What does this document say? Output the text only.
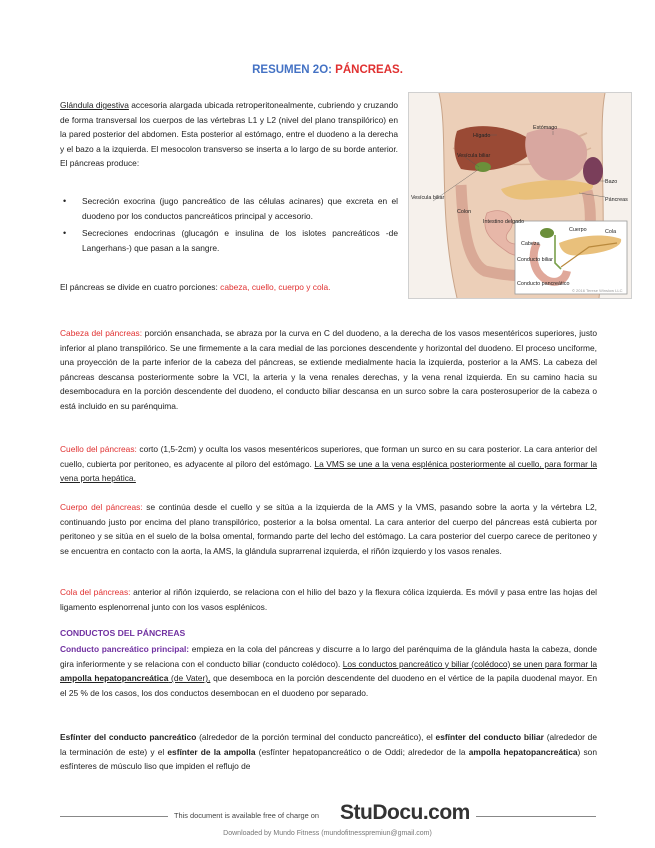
RESUMEN 2O: PÁNCREAS.

Glándula digestiva accesoria alargada ubicada retroperitonealmente, cubriendo y cruzando de forma transversal los cuerpos de las vértebras L1 y L2 (nivel del plano transpilórico) en la pared posterior del abdomen. Esta posterior al estómago, entre el duodeno a la derecha y el bazo a la izquierda. El mesocolon transverso se inserta a lo largo de su borde anterior. El páncreas produce:

• Secreción exocrina (jugo pancreático de las células acinares) que excreta en el duodeno por los conductos pancreáticos principal y accesorio.
• Secreciones endocrinas (glucagón e insulina de los islotes pancreáticos -de Langerhans-) que pasan a la sangre.

El páncreas se divide en cuatro porciones: cabeza, cuello, cuerpo y cola.

Estómago
Hígado
Vesícula biliar
Vesícula biliar
Colon
Intestino delgado
Bazo
Páncreas
Cuerpo	Cola
Cabeza
Conducto biliar
Conducto pancreático

© 2016 Terese Winslow LLC

Cabeza del páncreas: porción ensanchada, se abraza por la curva en C del duodeno, a la derecha de los vasos mesentéricos superiores, justo inferior al plano transpilórico. Se une firmemente a la cara medial de las porciones descendente y horizontal del duodeno. El proceso unciforme, una proyección de la parte inferior de la cabeza del páncreas, se extiende medialmente hacia la izquierda, posterior a la AMS. La cabeza del páncreas descansa posteriormente sobre la VCI, la arteria y la vena renales derechas, y la vena renal izquierda. En su camino hacia su desembocadura en la porción descendente del duodeno, el conducto biliar descansa en un surco sobre la cara posterosuperior de la cabeza o está incluido en su parénquima.

Cuello del páncreas: corto (1,5-2cm) y oculta los vasos mesentéricos superiores, que forman un surco en su cara posterior. La cara anterior del cuello, cubierta por peritoneo, es adyacente al píloro del estómago. La VMS se une a la vena esplénica posteriormente al cuello, para formar la vena porta hepática.

Cuerpo del páncreas: se continúa desde el cuello y se sitúa a la izquierda de la AMS y la VMS, pasando sobre la aorta y la vértebra L2, continuando justo por encima del plano transpilórico, posterior a la bolsa omental. La cara anterior del cuerpo del páncreas está cubierta por peritoneo y se sitúa en el suelo de la bolsa omental, formando parte del lecho del estómago. La cara posterior del cuerpo carece de peritoneo y se encuentra en contacto con la aorta, la AMS, la glándula suprarrenal izquierda, el riñón izquierdo y los vasos renales.

Cola del páncreas: anterior al riñón izquierdo, se relaciona con el hilio del bazo y la flexura cólica izquierda. Es móvil y pasa entre las hojas del ligamento esplenorrenal junto con los vasos esplénicos.

CONDUCTOS DEL PÁNCREAS

Conducto pancreático principal: empieza en la cola del páncreas y discurre a lo largo del parénquima de la glándula hasta la cabeza, donde gira inferiormente y se relaciona con el conducto biliar (conducto colédoco). Los conductos pancreático y biliar (colédoco) se unen para formar la ampolla hepatopancreática (de Vater), que desemboca en la porción descendente del duodeno en el vértice de la papila duodenal mayor. En el 25 % de los casos, los dos conductos desembocan en el duodeno por separado.

Esfínter del conducto pancreático (alrededor de la porción terminal del conducto pancreático), el esfínter del conducto biliar (alrededor de la terminación de este) y el esfínter de la ampolla (esfínter hepatopancreático o de Oddi; alrededor de la ampolla hepatopancreática) son esfínteres de músculo liso que impiden el reflujo de

This document is available free of charge on StuDocu.com
Downloaded by Mundo Fitness (mundofitnesspremiun@gmail.com)
